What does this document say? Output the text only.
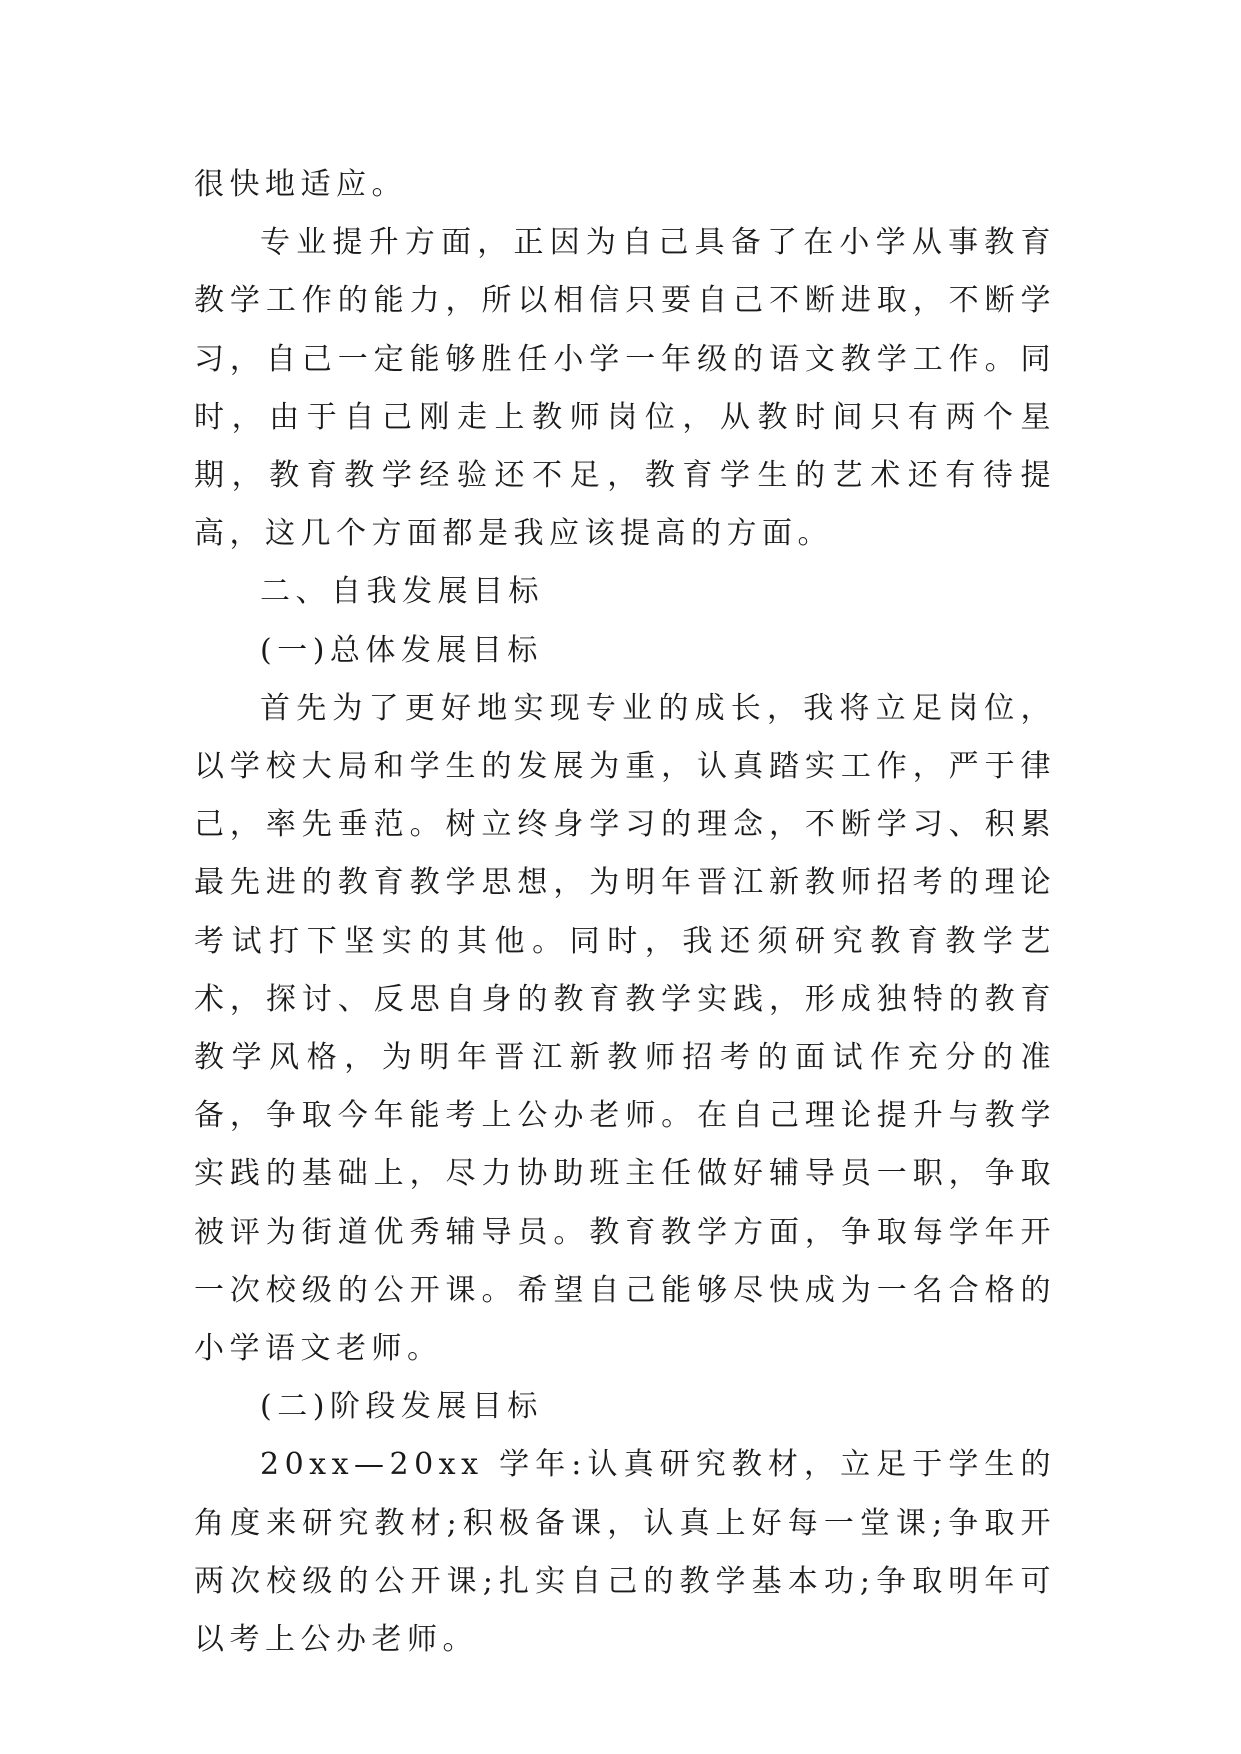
很快地适应。

专业提升方面，正因为自己具备了在小学从事教育教学工作的能力，所以相信只要自己不断进取，不断学习，自己一定能够胜任小学一年级的语文教学工作。同时，由于自己刚走上教师岗位，从教时间只有两个星期，教育教学经验还不足，教育学生的艺术还有待提高，这几个方面都是我应该提高的方面。

二、自我发展目标

(一)总体发展目标

首先为了更好地实现专业的成长，我将立足岗位，以学校大局和学生的发展为重，认真踏实工作，严于律己，率先垂范。树立终身学习的理念，不断学习、积累最先进的教育教学思想，为明年晋江新教师招考的理论考试打下坚实的其他。同时，我还须研究教育教学艺术，探讨、反思自身的教育教学实践，形成独特的教育教学风格，为明年晋江新教师招考的面试作充分的准备，争取今年能考上公办老师。在自己理论提升与教学实践的基础上，尽力协助班主任做好辅导员一职，争取被评为街道优秀辅导员。教育教学方面，争取每学年开一次校级的公开课。希望自己能够尽快成为一名合格的小学语文老师。

(二)阶段发展目标

20xx—20xx 学年:认真研究教材，立足于学生的角度来研究教材;积极备课，认真上好每一堂课;争取开两次校级的公开课;扎实自己的教学基本功;争取明年可以考上公办老师。
